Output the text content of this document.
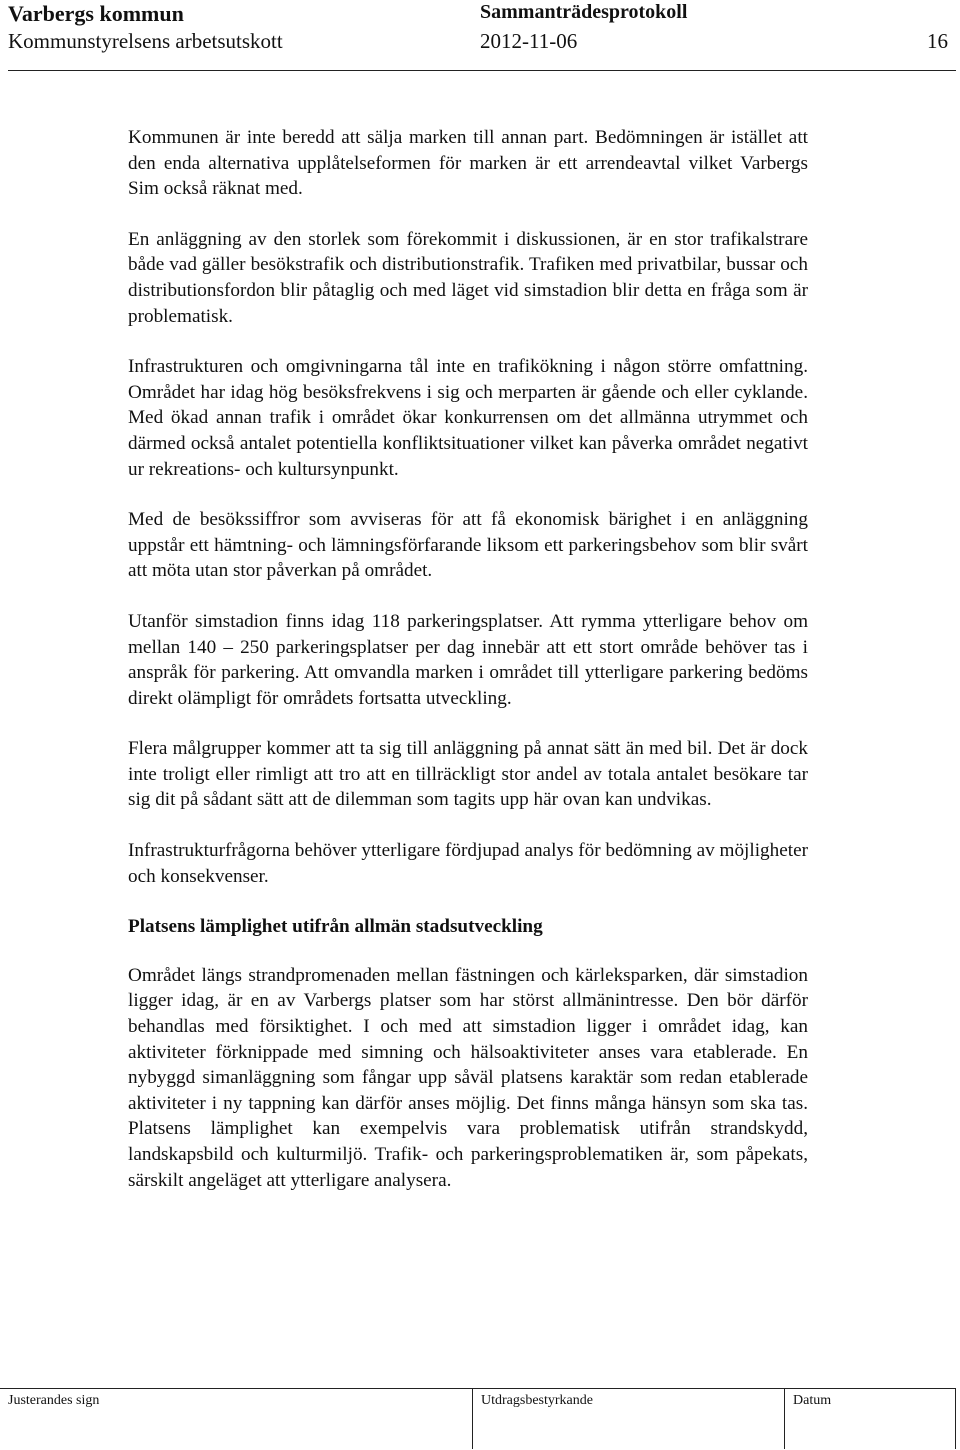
Varbergs kommun	Sammanträdesprotokoll
Kommunstyrelsens arbetsutskott	2012-11-06	16

Kommunen är inte beredd att sälja marken till annan part. Bedömningen är istället att den enda alternativa upplåtelseformen för marken är ett arrendeavtal vilket Varbergs Sim också räknat med.

En anläggning av den storlek som förekommit i diskussionen, är en stor trafikalstrare både vad gäller besökstrafik och distributionstrafik. Trafiken med privatbilar, bussar och distributionsfordon blir påtaglig och med läget vid simstadion blir detta en fråga som är problematisk.

Infrastrukturen och omgivningarna tål inte en trafikökning i någon större omfattning. Området har idag hög besöksfrekvens i sig och merparten är gående och eller cyklande. Med ökad annan trafik i området ökar konkurrensen om det allmänna utrymmet och därmed också antalet potentiella konfliktsituationer vilket kan påverka området negativt ur rekreations- och kultursynpunkt.

Med de besökssiffror som avviseras för att få ekonomisk bärighet i en anläggning uppstår ett hämtning- och lämningsförfarande liksom ett parkeringsbehov som blir svårt att möta utan stor påverkan på området.

Utanför simstadion finns idag 118 parkeringsplatser. Att rymma ytterligare behov om mellan 140 – 250 parkeringsplatser per dag innebär att ett stort område behöver tas i anspråk för parkering. Att omvandla marken i området till ytterligare parkering bedöms direkt olämpligt för områdets fortsatta utveckling.

Flera målgrupper kommer att ta sig till anläggning på annat sätt än med bil. Det är dock inte troligt eller rimligt att tro att en tillräckligt stor andel av totala antalet besökare tar sig dit på sådant sätt att de dilemman som tagits upp här ovan kan undvikas.

Infrastrukturfrågorna behöver ytterligare fördjupad analys för bedömning av möjligheter och konsekvenser.

Platsens lämplighet utifrån allmän stadsutveckling

Området längs strandpromenaden mellan fästningen och kärleksparken, där simstadion ligger idag, är en av Varbergs platser som har störst allmänintresse. Den bör därför behandlas med försiktighet. I och med att simstadion ligger i området idag, kan aktiviteter förknippade med simning och hälsoaktiviteter anses vara etablerade. En nybyggd simanläggning som fångar upp såväl platsens karaktär som redan etablerade aktiviteter i ny tappning kan därför anses möjlig. Det finns många hänsyn som ska tas. Platsens lämplighet kan exempelvis vara problematisk utifrån strandskydd, landskapsbild och kulturmiljö. Trafik- och parkeringsproblematiken är, som påpekats, särskilt angeläget att ytterligare analysera.

Justerandes sign	Utdragsbestyrkande	Datum
